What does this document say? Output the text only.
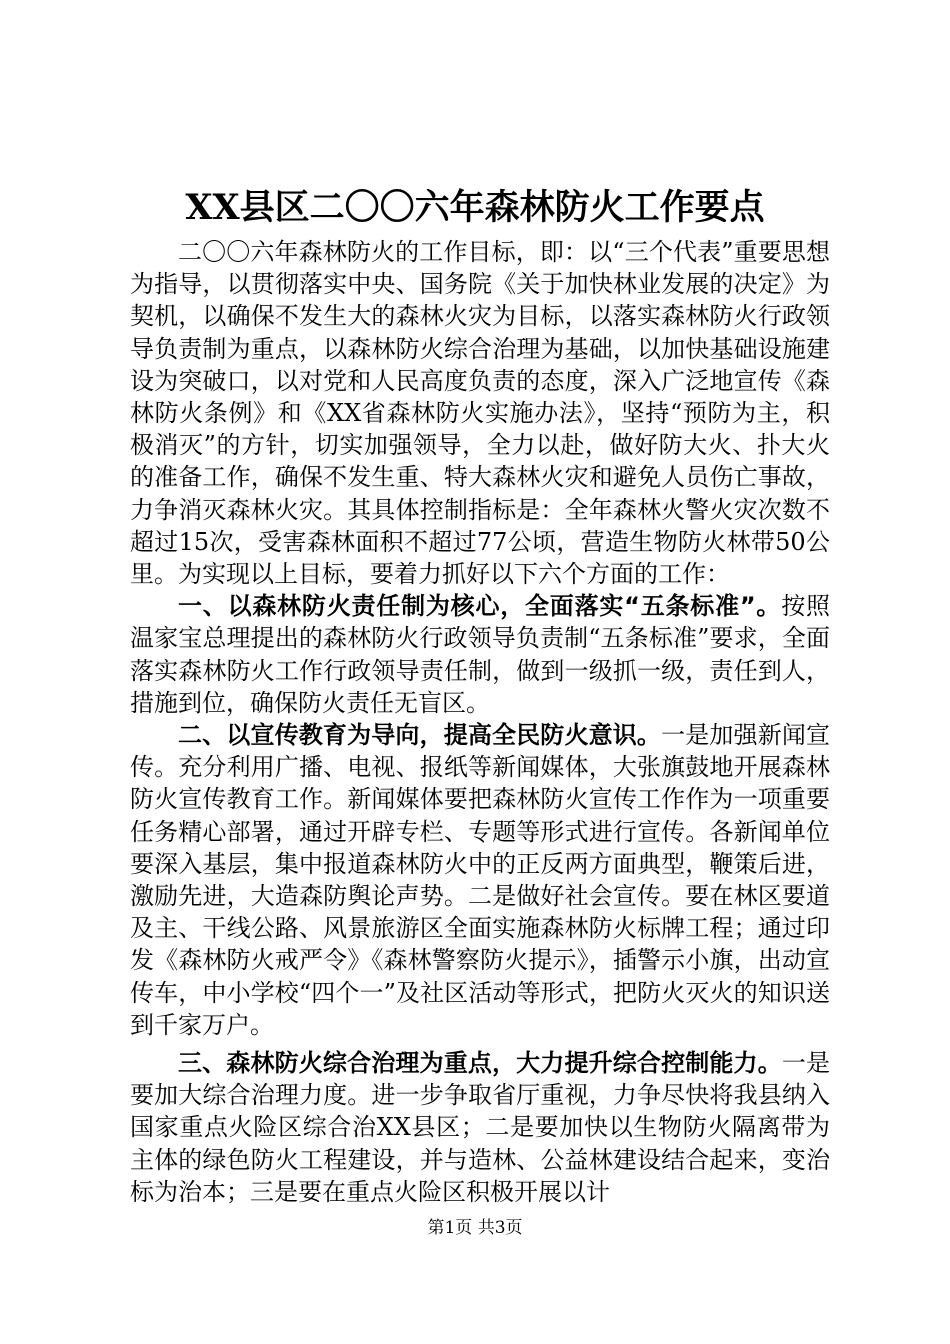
XX县区二〇〇六年森林防火工作要点

二〇〇六年森林防火的工作目标，即：以“三个代表”重要思想为指导，以贯彻落实中央、国务院《关于加快林业发展的决定》为契机，以确保不发生大的森林火灾为目标，以落实森林防火行政领导负责制为重点，以森林防火综合治理为基础，以加快基础设施建设为突破口，以对党和人民高度负责的态度，深入广泛地宣传《森林防火条例》和《XX省森林防火实施办法》，坚持“预防为主，积极消灭”的方针，切实加强领导，全力以赴，做好防大火、扑大火的准备工作，确保不发生重、特大森林火灾和避免人员伤亡事故，力争消灭森林火灾。其具体控制指标是：全年森林火警火灾次数不超过15次，受害森林面积不超过77公顷，营造生物防火林带50公里。为实现以上目标，要着力抓好以下六个方面的工作：

一、以森林防火责任制为核心，全面落实“五条标准”。按照温家宝总理提出的森林防火行政领导负责制“五条标准”要求，全面落实森林防火工作行政领导责任制，做到一级抓一级，责任到人，措施到位，确保防火责任无盲区。

二、以宣传教育为导向，提高全民防火意识。一是加强新闻宣传。充分利用广播、电视、报纸等新闻媒体，大张旗鼓地开展森林防火宣传教育工作。新闻媒体要把森林防火宣传工作作为一项重要任务精心部署，通过开辟专栏、专题等形式进行宣传。各新闻单位要深入基层，集中报道森林防火中的正反两方面典型，鞭策后进，激励先进，大造森防舆论声势。二是做好社会宣传。要在林区要道及主、干线公路、风景旅游区全面实施森林防火标牌工程；通过印发《森林防火戒严令》《森林警察防火提示》，插警示小旗，出动宣传车，中小学校“四个一”及社区活动等形式，把防火灭火的知识送到千家万户。

三、森林防火综合治理为重点，大力提升综合控制能力。一是要加大综合治理力度。进一步争取省厅重视，力争尽快将我县纳入国家重点火险区综合治XX县区；二是要加快以生物防火隔离带为主体的绿色防火工程建设，并与造林、公益林建设结合起来，变治标为治本；三是要在重点火险区积极开展以计

第1页 共3页
